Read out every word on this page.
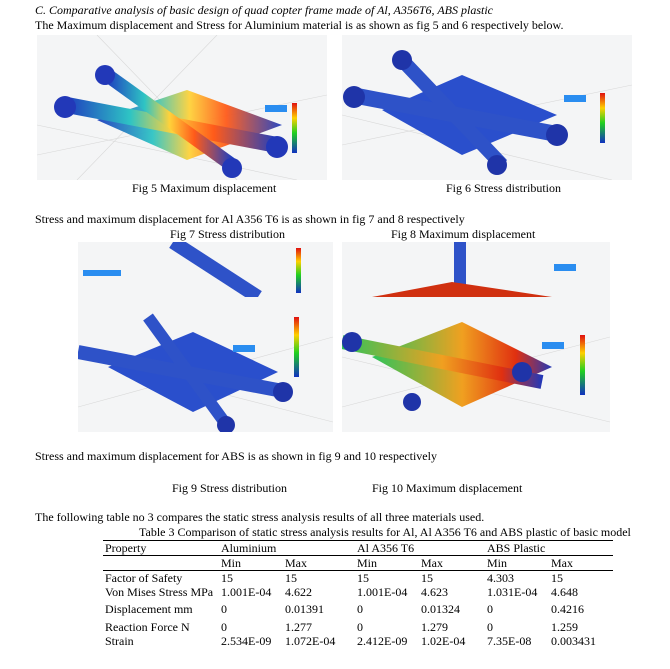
C. Comparative analysis of basic design of quad copter frame made of Al, A356T6, ABS plastic
The Maximum displacement and Stress for Aluminium material is as shown as fig 5 and 6 respectively below.
Fig 5 Maximum displacement	Fig 6 Stress distribution
Stress and maximum displacement for Al A356 T6 is as shown in fig 7 and 8 respectively
Fig 7 Stress distribution	Fig 8 Maximum displacement
Stress and maximum displacement for ABS is as shown in fig 9 and 10 respectively
Fig 9 Stress distribution	Fig 10 Maximum displacement
The following table no 3 compares the static stress analysis results of all three materials used.
Table 3 Comparison of static stress analysis results for Al, Al A356 T6 and ABS plastic of basic model
Property	Aluminium		Al A356 T6		ABS Plastic	
	Min	Max	Min	Max	Min	Max
Factor of Safety	15	15	15	15	4.303	15
Von Mises Stress MPa	1.001E-04	4.622	1.001E-04	4.623	1.031E-04	4.648
Displacement mm	0	0.01391	0	0.01324	0	0.4216
Reaction Force N	0	1.277	0	1.279	0	1.259
Strain	2.534E-09	1.072E-04	2.412E-09	1.02E-04	7.35E-08	0.003431
